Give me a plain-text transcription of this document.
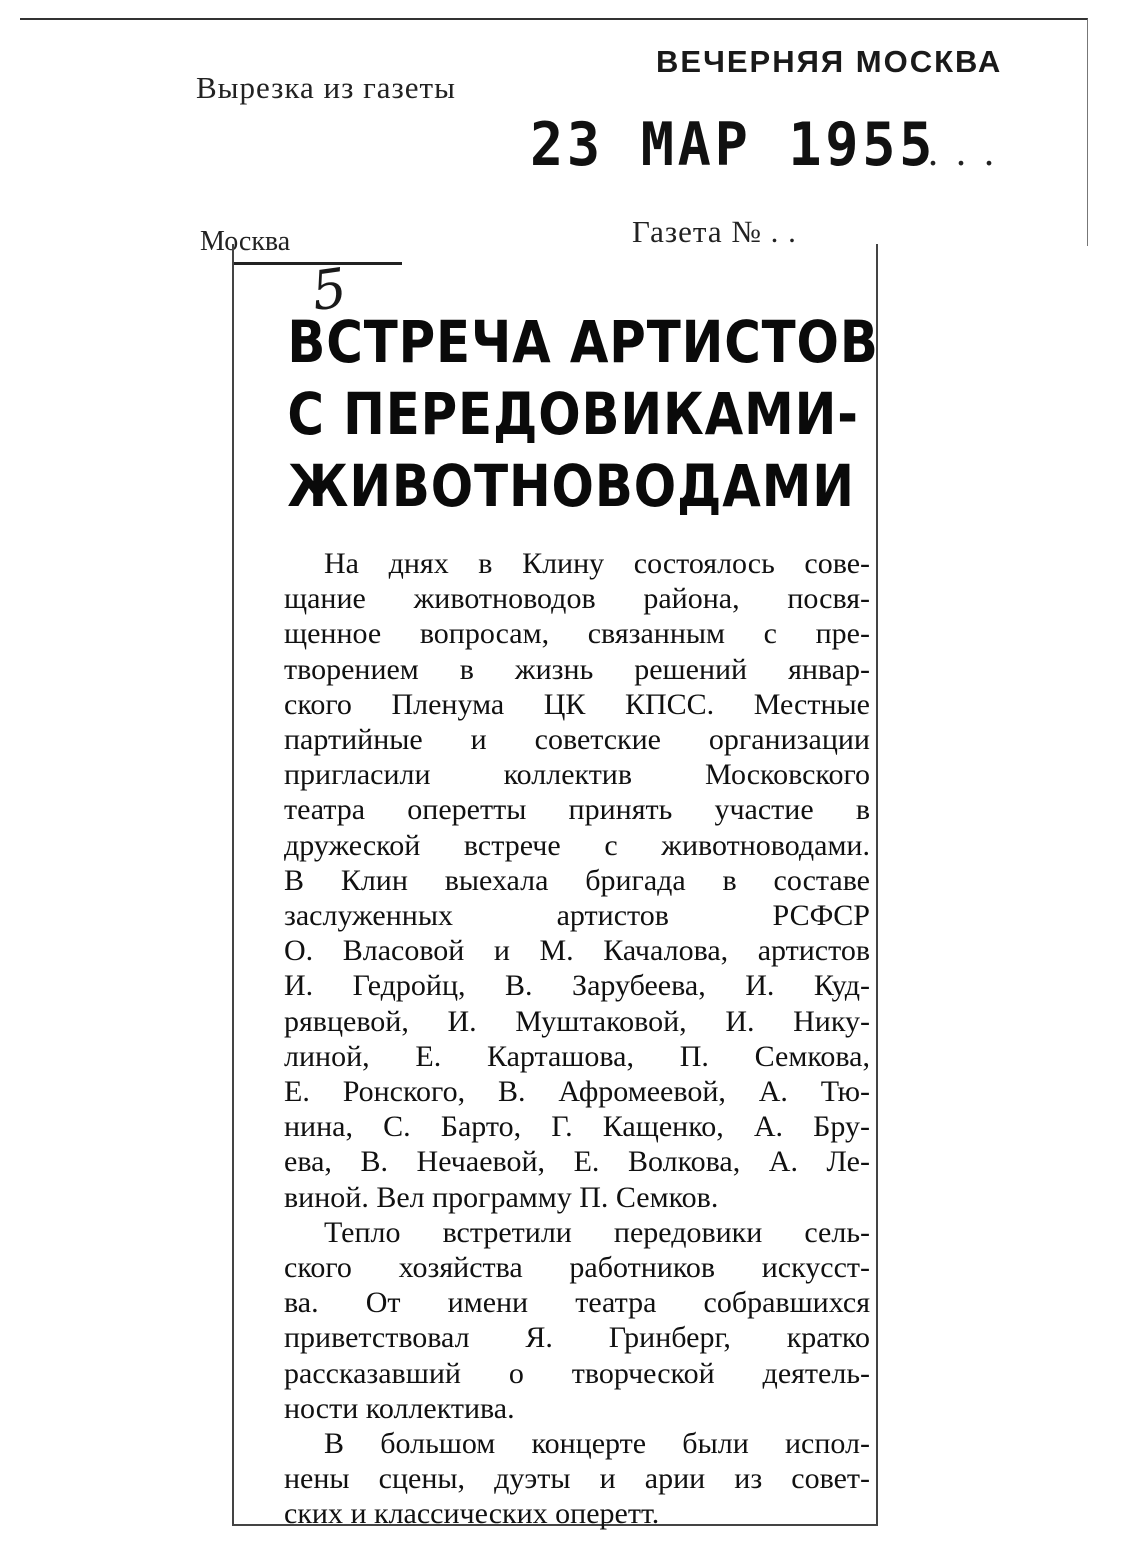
Вырезка из газеты
ВЕЧЕРНЯЯ МОСКВА
23 МАР 1955
...
Москва	Газета № . .
5
ВСТРЕЧА АРТИСТОВ
С ПЕРЕДОВИКАМИ-
ЖИВОТНОВОДАМИ

На днях в Клину состоялось сове-
щание животноводов района, посвя-
щенное вопросам, связанным с пре-
творением в жизнь решений январ-
ского Пленума ЦК КПСС. Местные
партийные и советские организации
пригласили коллектив Московского
театра оперетты принять участие в
дружеской встрече с животноводами.
В Клин выехала бригада в составе
заслуженных артистов РСФСР
О. Власовой и М. Качалова, артистов
И. Гедройц, В. Зарубеева, И. Куд-
рявцевой, И. Муштаковой, И. Нику-
линой, Е. Карташова, П. Семкова,
Е. Ронского, В. Афромеевой, А. Тю-
нина, С. Барто, Г. Кащенко, А. Бру-
ева, В. Нечаевой, Е. Волкова, А. Ле-
виной. Вел программу П. Семков.

Тепло встретили передовики сель-
ского хозяйства работников искусст-
ва. От имени театра собравшихся
приветствовал Я. Гринберг, кратко
рассказавший о творческой деятель-
ности коллектива.

В большом концерте были испол-
нены сцены, дуэты и арии из совет-
ских и классических оперетт.
